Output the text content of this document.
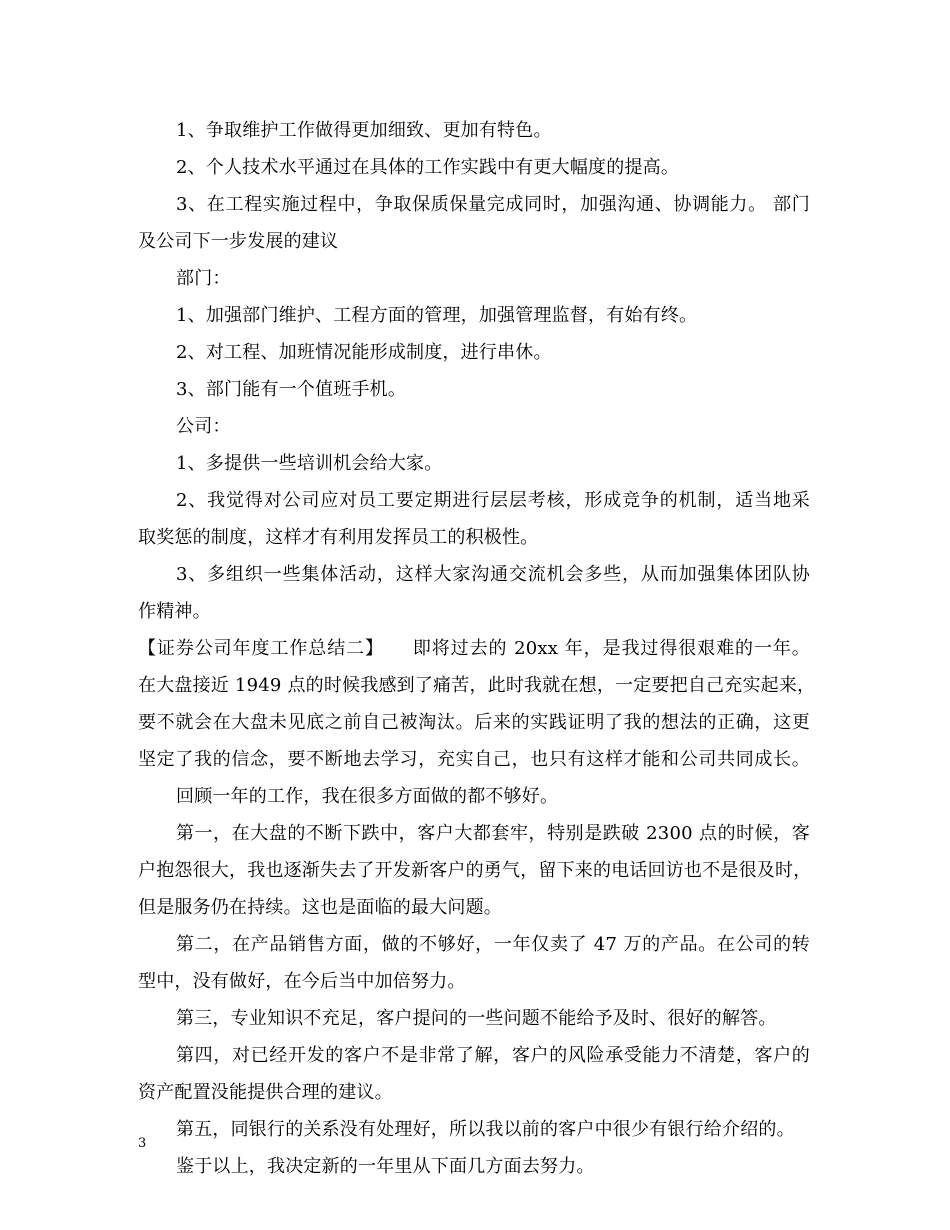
1、争取维护工作做得更加细致、更加有特色。
2、个人技术水平通过在具体的工作实践中有更大幅度的提高。
3、在工程实施过程中，争取保质保量完成同时，加强沟通、协调能力。 部门
及公司下一步发展的建议
部门：
1、加强部门维护、工程方面的管理，加强管理监督，有始有终。
2、对工程、加班情况能形成制度，进行串休。
3、部门能有一个值班手机。
公司：
1、多提供一些培训机会给大家。
2、我觉得对公司应对员工要定期进行层层考核，形成竞争的机制，适当地采
取奖惩的制度，这样才有利用发挥员工的积极性。
3、多组织一些集体活动，这样大家沟通交流机会多些，从而加强集体团队协
作精神。
【证券公司年度工作总结二】　　即将过去的 20xx 年，是我过得很艰难的一年。
在大盘接近 1949 点的时候我感到了痛苦，此时我就在想，一定要把自己充实起来，
要不就会在大盘未见底之前自己被淘汰。后来的实践证明了我的想法的正确，这更
坚定了我的信念，要不断地去学习，充实自己，也只有这样才能和公司共同成长。
回顾一年的工作，我在很多方面做的都不够好。
第一，在大盘的不断下跌中，客户大都套牢，特别是跌破 2300 点的时候，客
户抱怨很大，我也逐渐失去了开发新客户的勇气，留下来的电话回访也不是很及时，
但是服务仍在持续。这也是面临的最大问题。
第二，在产品销售方面，做的不够好，一年仅卖了 47 万的产品。在公司的转
型中，没有做好，在今后当中加倍努力。
第三，专业知识不充足，客户提问的一些问题不能给予及时、很好的解答。
第四，对已经开发的客户不是非常了解，客户的风险承受能力不清楚，客户的
资产配置没能提供合理的建议。
第五，同银行的关系没有处理好，所以我以前的客户中很少有银行给介绍的。
鉴于以上，我决定新的一年里从下面几方面去努力。
3
